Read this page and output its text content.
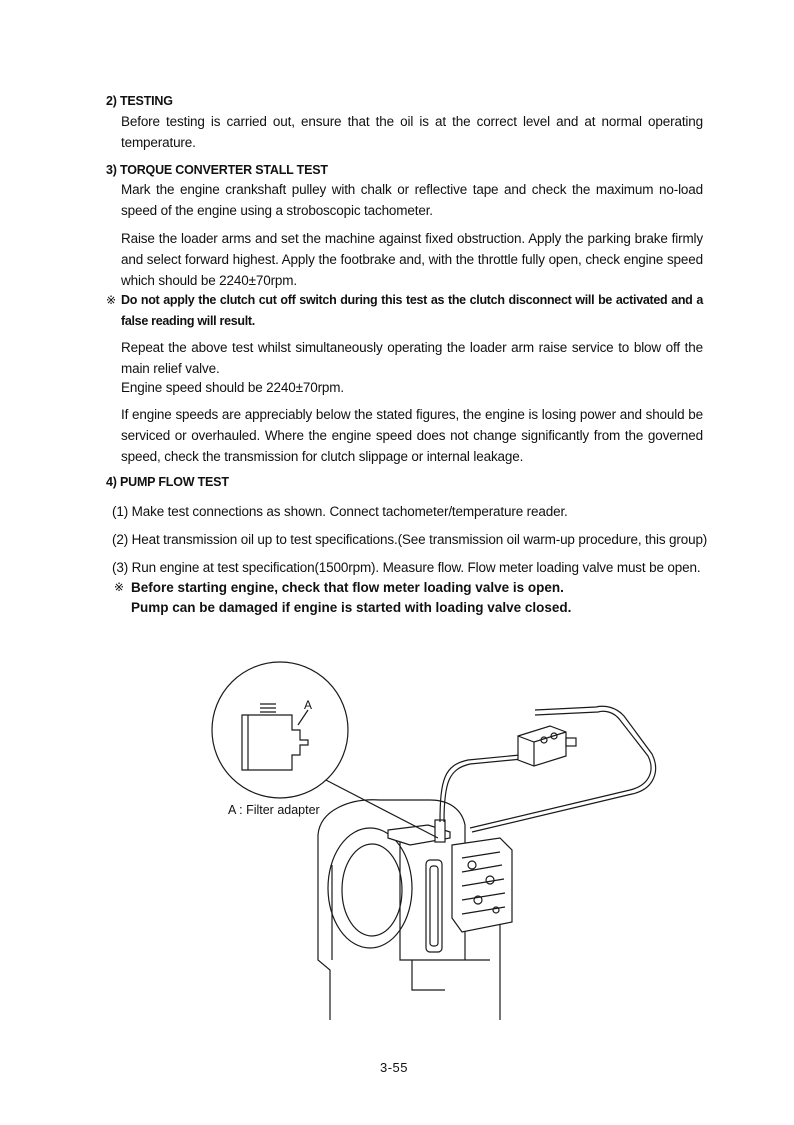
2) TESTING
Before testing is carried out, ensure that the oil is at the correct level and at normal operating temperature.
3) TORQUE CONVERTER STALL TEST
Mark the engine crankshaft pulley with chalk or reflective tape and check the maximum no-load speed of the engine using a stroboscopic tachometer.
Raise the loader arms and set the machine against fixed obstruction. Apply the parking brake firmly and select forward highest. Apply the footbrake and, with the throttle fully open, check engine speed which should be 2240±70rpm.
※ Do not apply the clutch cut off switch during this test as the clutch disconnect will be activated and a false reading will result.
Repeat the above test whilst simultaneously operating the loader arm raise service to blow off the main relief valve.
Engine speed should be 2240±70rpm.
If engine speeds are appreciably below the stated figures, the engine is losing power and should be serviced or overhauled. Where the engine speed does not change significantly from the governed speed, check the transmission for clutch slippage or internal leakage.
4) PUMP FLOW TEST
(1) Make test connections as shown. Connect tachometer/temperature reader.
(2) Heat transmission oil up to test specifications.(See transmission oil warm-up procedure, this group)
(3) Run engine at test specification(1500rpm). Measure flow. Flow meter loading valve must be open.
※ Before starting engine, check that flow meter loading valve is open.
Pump can be damaged if engine is started with loading valve closed.
A
A : Filter adapter
3-55
